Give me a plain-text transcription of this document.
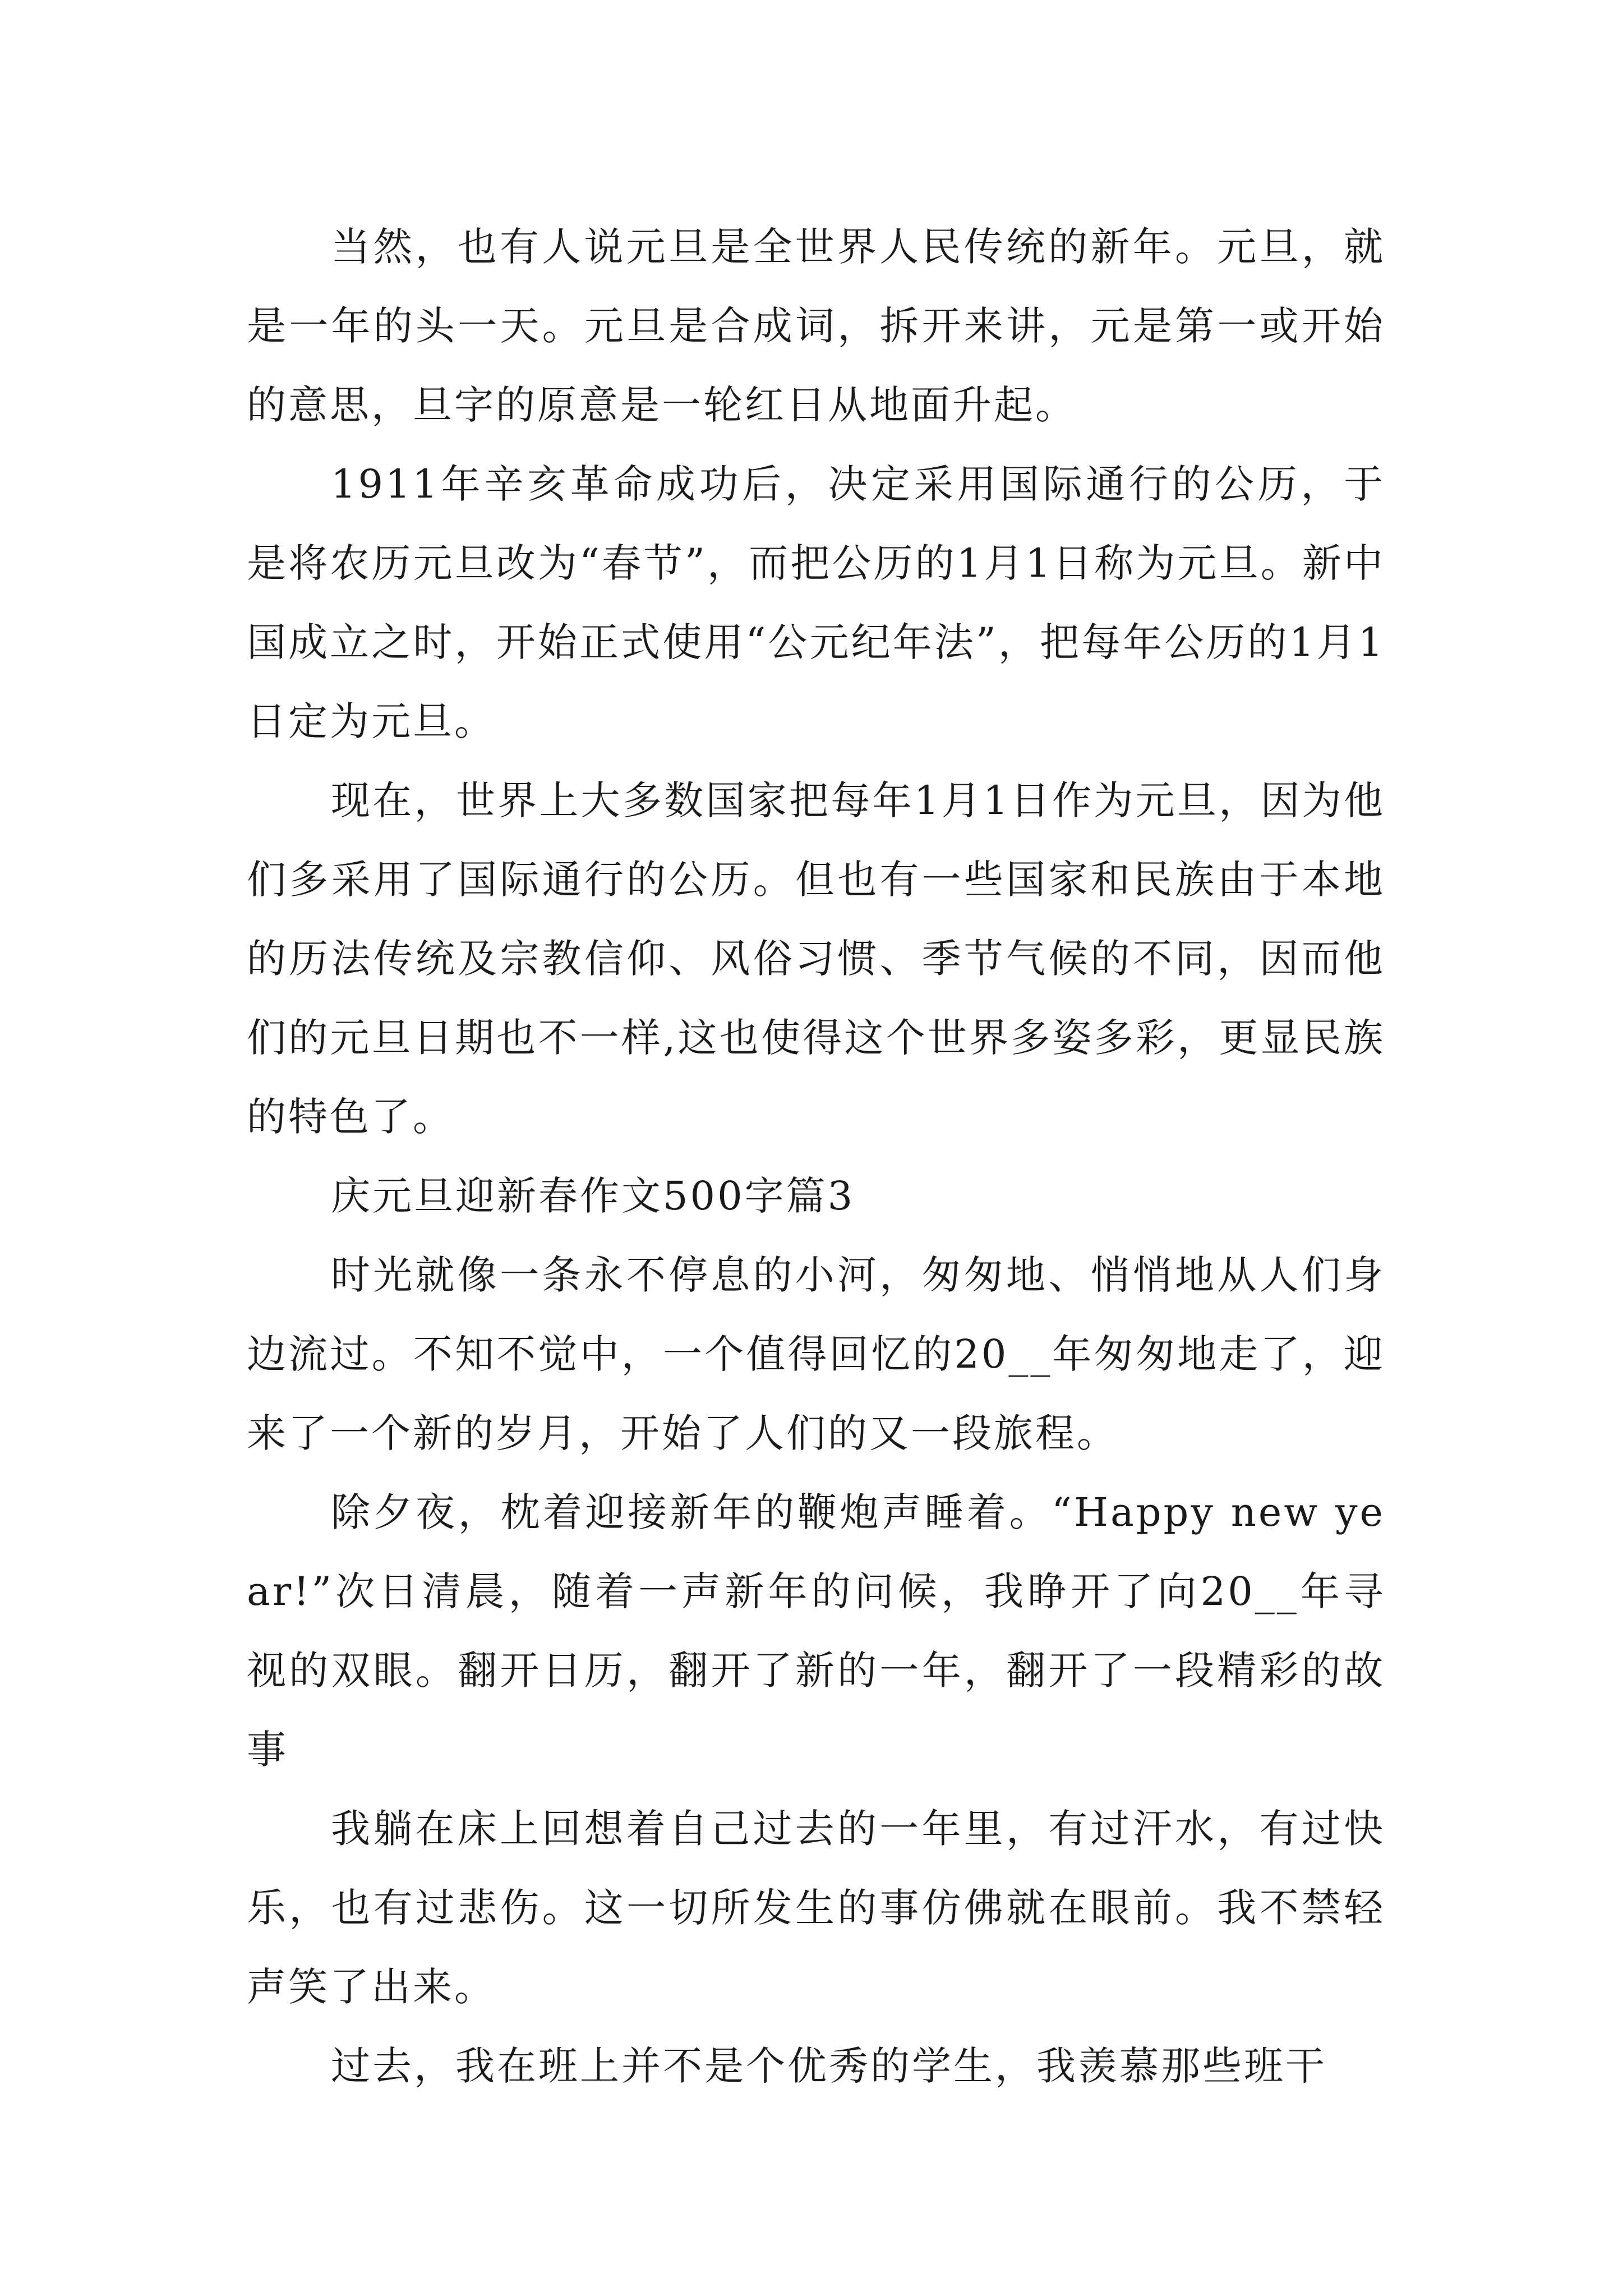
当然，也有人说元旦是全世界人民传统的新年。元旦，就是一年的头一天。元旦是合成词，拆开来讲，元是第一或开始的意思，旦字的原意是一轮红日从地面升起。

1911年辛亥革命成功后，决定采用国际通行的公历，于是将农历元旦改为“春节”，而把公历的1月1日称为元旦。新中国成立之时，开始正式使用“公元纪年法”，把每年公历的1月1日定为元旦。

现在，世界上大多数国家把每年1月1日作为元旦，因为他们多采用了国际通行的公历。但也有一些国家和民族由于本地的历法传统及宗教信仰、风俗习惯、季节气候的不同，因而他们的元旦日期也不一样,这也使得这个世界多姿多彩，更显民族的特色了。

庆元旦迎新春作文500字篇3

时光就像一条永不停息的小河，匆匆地、悄悄地从人们身边流过。不知不觉中，一个值得回忆的20__年匆匆地走了，迎来了一个新的岁月，开始了人们的又一段旅程。

除夕夜，枕着迎接新年的鞭炮声睡着。“Happy new year!”次日清晨，随着一声新年的问候，我睁开了向20__年寻视的双眼。翻开日历，翻开了新的一年，翻开了一段精彩的故事

我躺在床上回想着自己过去的一年里，有过汗水，有过快乐，也有过悲伤。这一切所发生的事仿佛就在眼前。我不禁轻声笑了出来。

过去，我在班上并不是个优秀的学生，我羡慕那些班干
